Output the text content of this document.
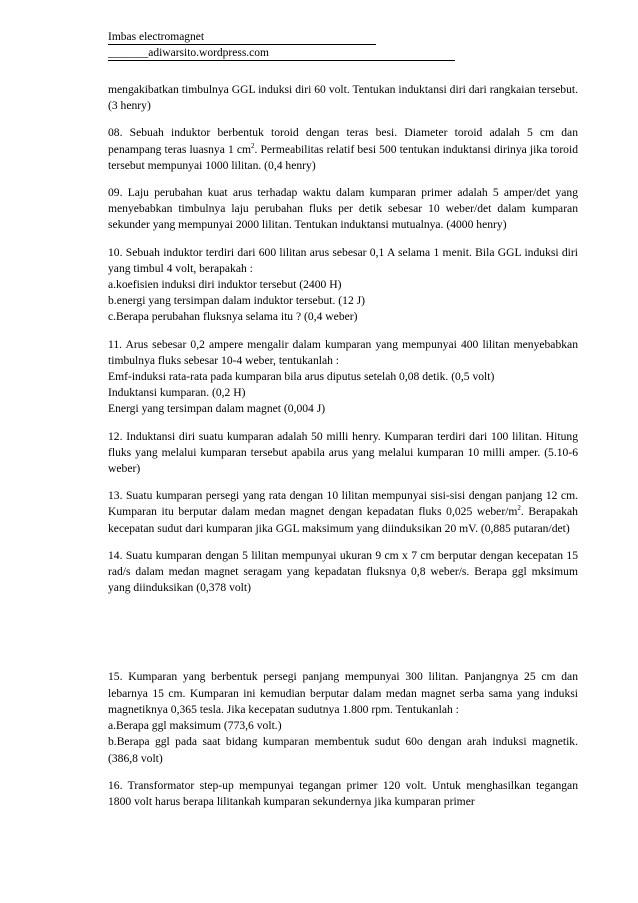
Imbas electromagnet
_______adiwarsito.wordpress.com

mengakibatkan timbulnya GGL induksi diri 60 volt. Tentukan induktansi diri dari rangkaian tersebut. (3 henry)

08. Sebuah induktor berbentuk toroid dengan teras besi. Diameter toroid adalah 5 cm dan penampang teras luasnya 1 $cm^2$. Permeabilitas relatif besi 500 tentukan induktansi dirinya jika toroid tersebut mempunyai 1000 lilitan. (0,4 henry)

09. Laju perubahan kuat arus terhadap waktu dalam kumparan primer adalah 5 amper/det yang menyebabkan timbulnya laju perubahan fluks per detik sebesar 10 weber/det dalam kumparan sekunder yang mempunyai 2000 lilitan. Tentukan induktansi mutualnya. (4000 henry)

10. Sebuah induktor terdiri dari 600 lilitan arus sebesar 0,1 A selama 1 menit. Bila GGL induksi diri yang timbul 4 volt, berapakah :
a.koefisien induksi diri induktor tersebut (2400 H)
b.energi yang tersimpan dalam induktor tersebut. (12 J)
c.Berapa perubahan fluksnya selama itu ? (0,4 weber)

11. Arus sebesar 0,2 ampere mengalir dalam kumparan yang mempunyai 400 lilitan menyebabkan timbulnya fluks sebesar 10-4 weber, tentukanlah :
Emf-induksi rata-rata pada kumparan bila arus diputus setelah 0,08 detik. (0,5 volt)
Induktansi kumparan. (0,2 H)
Energi yang tersimpan dalam magnet (0,004 J)

12. Induktansi diri suatu kumparan adalah 50 milli henry. Kumparan terdiri dari 100 lilitan. Hitung fluks yang melalui kumparan tersebut apabila arus yang melalui kumparan 10 milli amper. (5.10-6 weber)

13. Suatu kumparan persegi yang rata dengan 10 lilitan mempunyai sisi-sisi dengan panjang 12 cm. Kumparan itu berputar dalam medan magnet dengan kepadatan fluks 0,025 weber/$m^2$. Berapakah kecepatan sudut dari kumparan jika GGL maksimum yang diinduksikan 20 mV. (0,885 putaran/det)

14. Suatu kumparan dengan 5 lilitan mempunyai ukuran 9 cm x 7 cm berputar dengan kecepatan 15 rad/s dalam medan magnet seragam yang kepadatan fluksnya 0,8 weber/s. Berapa ggl mksimum yang diinduksikan (0,378 volt)

15. Kumparan yang berbentuk persegi panjang mempunyai 300 lilitan. Panjangnya 25 cm dan lebarnya 15 cm. Kumparan ini kemudian berputar dalam medan magnet serba sama yang induksi magnetiknya 0,365 tesla. Jika kecepatan sudutnya 1.800 rpm. Tentukanlah :
a.Berapa ggl maksimum (773,6 volt.)
b.Berapa ggl pada saat bidang kumparan membentuk sudut 60o dengan arah induksi magnetik. (386,8 volt)

16. Transformator step-up mempunyai tegangan primer 120 volt. Untuk menghasilkan tegangan 1800 volt harus berapa lilitankah kumparan sekundernya jika kumparan primer
